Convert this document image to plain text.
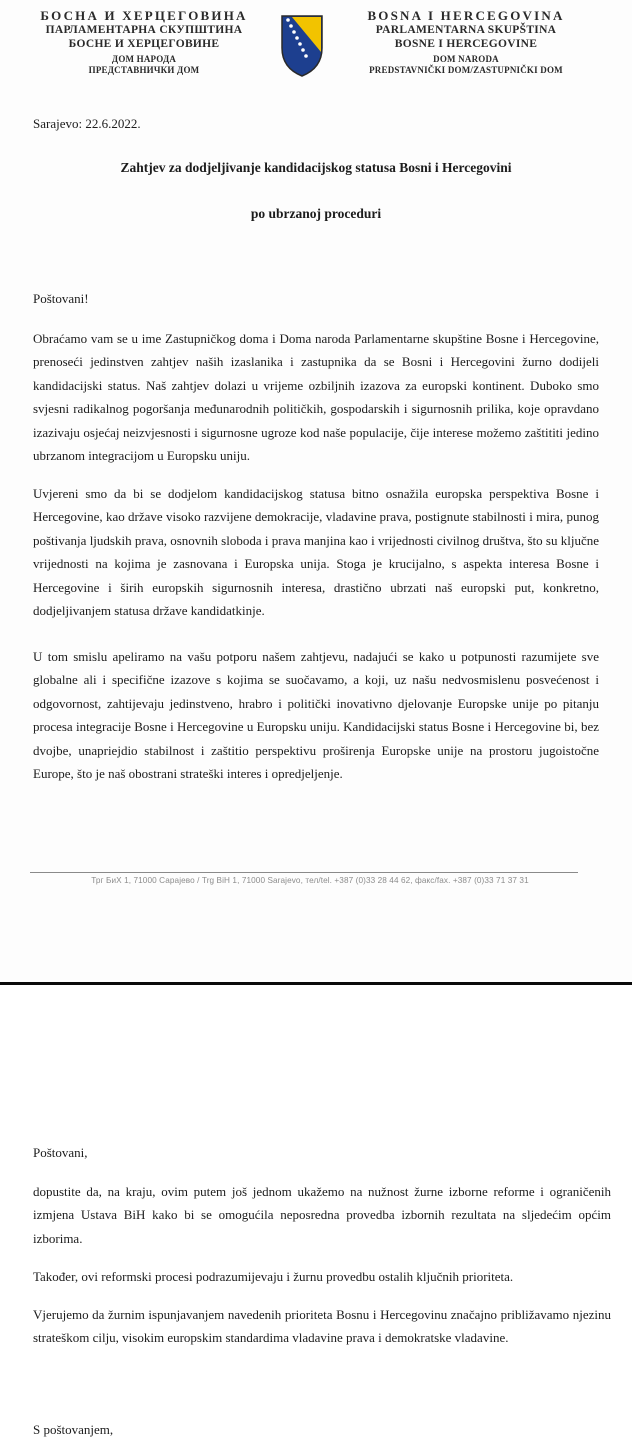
БОСНА И ХЕРЦЕГОВИНА
ПАРЛАМЕНТАРНА СКУПШТИНА
БОСНЕ И ХЕРЦЕГОВИНЕ
ДОМ НАРОДА
ПРЕДСТАВНИЧКИ ДОМ
BOSNA I HERCEGOVINA
PARLAMENTARNA SKUPŠTINA
BOSNE I HERCEGOVINE
DOM NARODA
PREDSTAVNIČKI DOM/ZASTUPNIČKI DOM
Sarajevo: 22.6.2022.
Zahtjev za dodjeljivanje kandidacijskog statusa Bosni i Hercegovini
po ubrzanoj proceduri
Poštovani!

Obraćamo vam se u ime Zastupničkog doma i Doma naroda Parlamentarne skupštine Bosne i Hercegovine, prenoseći jedinstven zahtjev naših izaslanika i zastupnika da se Bosni i Hercegovini žurno dodijeli kandidacijski status. Naš zahtjev dolazi u vrijeme ozbiljnih izazova za europski kontinent. Duboko smo svjesni radikalnog pogoršanja međunarodnih političkih, gospodarskih i sigurnosnih prilika, koje opravdano izazivaju osjećaj neizvjesnosti i sigurnosne ugroze kod naše populacije, čije interese možemo zaštititi jedino ubrzanom integracijom u Europsku uniju.

Uvjereni smo da bi se dodjelom kandidacijskog statusa bitno osnažila europska perspektiva Bosne i Hercegovine, kao države visoko razvijene demokracije, vladavine prava, postignute stabilnosti i mira, punog poštivanja ljudskih prava, osnovnih sloboda i prava manjina kao i vrijednosti civilnog društva, što su ključne vrijednosti na kojima je zasnovana i Europska unija. Stoga je krucijalno, s aspekta interesa Bosne i Hercegovine i širih europskih sigurnosnih interesa, drastično ubrzati naš europski put, konkretno, dodjeljivanjem statusa države kandidatkinje.

U tom smislu apeliramo na vašu potporu našem zahtjevu, nadajući se kako u potpunosti razumijete sve globalne ali i specifične izazove s kojima se suočavamo, a koji, uz našu nedvosmislenu posvećenost i odgovornost, zahtijevaju jedinstveno, hrabro i politički inovativno djelovanje Europske unije po pitanju procesa integracije Bosne i Hercegovine u Europsku uniju. Kandidacijski status Bosne i Hercegovine bi, bez dvojbe, unapriejdio stabilnost i zaštitio perspektivu proširenja Europske unije na prostoru jugoistočne Europe, što je naš obostrani strateški interes i opredjeljenje.

Трг БиХ 1, 71000 Сарајево / Trg BiH 1, 71000 Sarajevo, тел/tel. +387 (0)33 28 44 62, факс/fax. +387 (0)33 71 37 31
Poštovani,

dopustite da, na kraju, ovim putem još jednom ukažemo na nužnost žurne izborne reforme i ograničenih izmjena Ustava BiH kako bi se omogućila neposredna provedba izbornih rezultata na sljedećim općim izborima.

Također, ovi reformski procesi podrazumijevaju i žurnu provedbu ostalih ključnih prioriteta.

Vjerujemo da žurnim ispunjavanjem navedenih prioriteta Bosnu i Hercegovinu značajno približavamo njezinu strateškom cilju, visokim europskim standardima vladavine prava i demokratske vladavine.

S poštovanjem,
